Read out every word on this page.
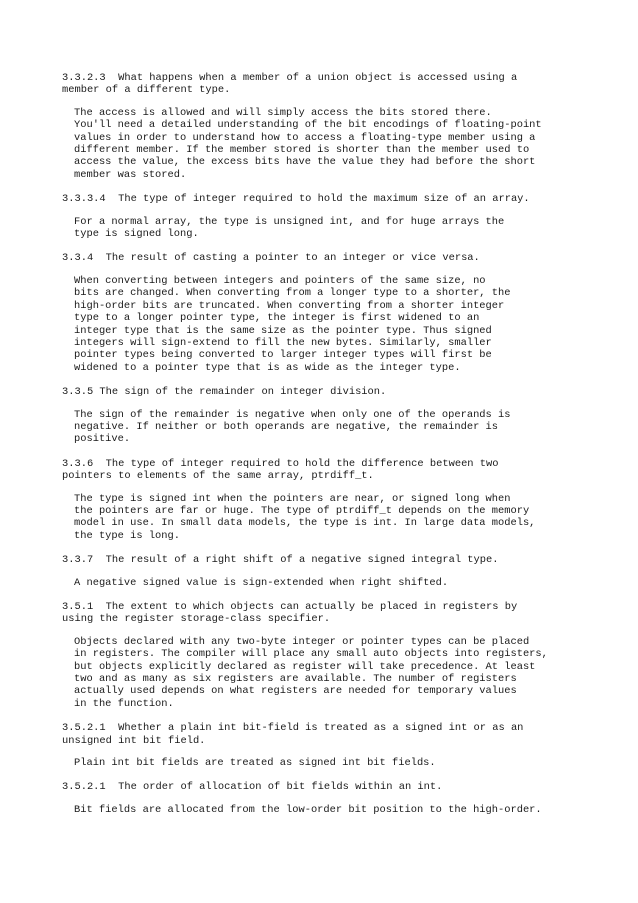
3.3.2.3  What happens when a member of a union object is accessed using a
member of a different type.
The access is allowed and will simply access the bits stored there.
You'll need a detailed understanding of the bit encodings of floating-point
values in order to understand how to access a floating-type member using a
different member. If the member stored is shorter than the member used to
access the value, the excess bits have the value they had before the short
member was stored.
3.3.3.4  The type of integer required to hold the maximum size of an array.
For a normal array, the type is unsigned int, and for huge arrays the
type is signed long.
3.3.4  The result of casting a pointer to an integer or vice versa.
When converting between integers and pointers of the same size, no
bits are changed. When converting from a longer type to a shorter, the
high-order bits are truncated. When converting from a shorter integer
type to a longer pointer type, the integer is first widened to an
integer type that is the same size as the pointer type. Thus signed
integers will sign-extend to fill the new bytes. Similarly, smaller
pointer types being converted to larger integer types will first be
widened to a pointer type that is as wide as the integer type.
3.3.5 The sign of the remainder on integer division.
The sign of the remainder is negative when only one of the operands is
negative. If neither or both operands are negative, the remainder is
positive.
3.3.6  The type of integer required to hold the difference between two
pointers to elements of the same array, ptrdiff_t.
The type is signed int when the pointers are near, or signed long when
the pointers are far or huge. The type of ptrdiff_t depends on the memory
model in use. In small data models, the type is int. In large data models,
the type is long.
3.3.7  The result of a right shift of a negative signed integral type.
A negative signed value is sign-extended when right shifted.
3.5.1  The extent to which objects can actually be placed in registers by
using the register storage-class specifier.
Objects declared with any two-byte integer or pointer types can be placed
in registers. The compiler will place any small auto objects into registers,
but objects explicitly declared as register will take precedence. At least
two and as many as six registers are available. The number of registers
actually used depends on what registers are needed for temporary values
in the function.
3.5.2.1  Whether a plain int bit-field is treated as a signed int or as an
unsigned int bit field.
Plain int bit fields are treated as signed int bit fields.
3.5.2.1  The order of allocation of bit fields within an int.
Bit fields are allocated from the low-order bit position to the high-order.
